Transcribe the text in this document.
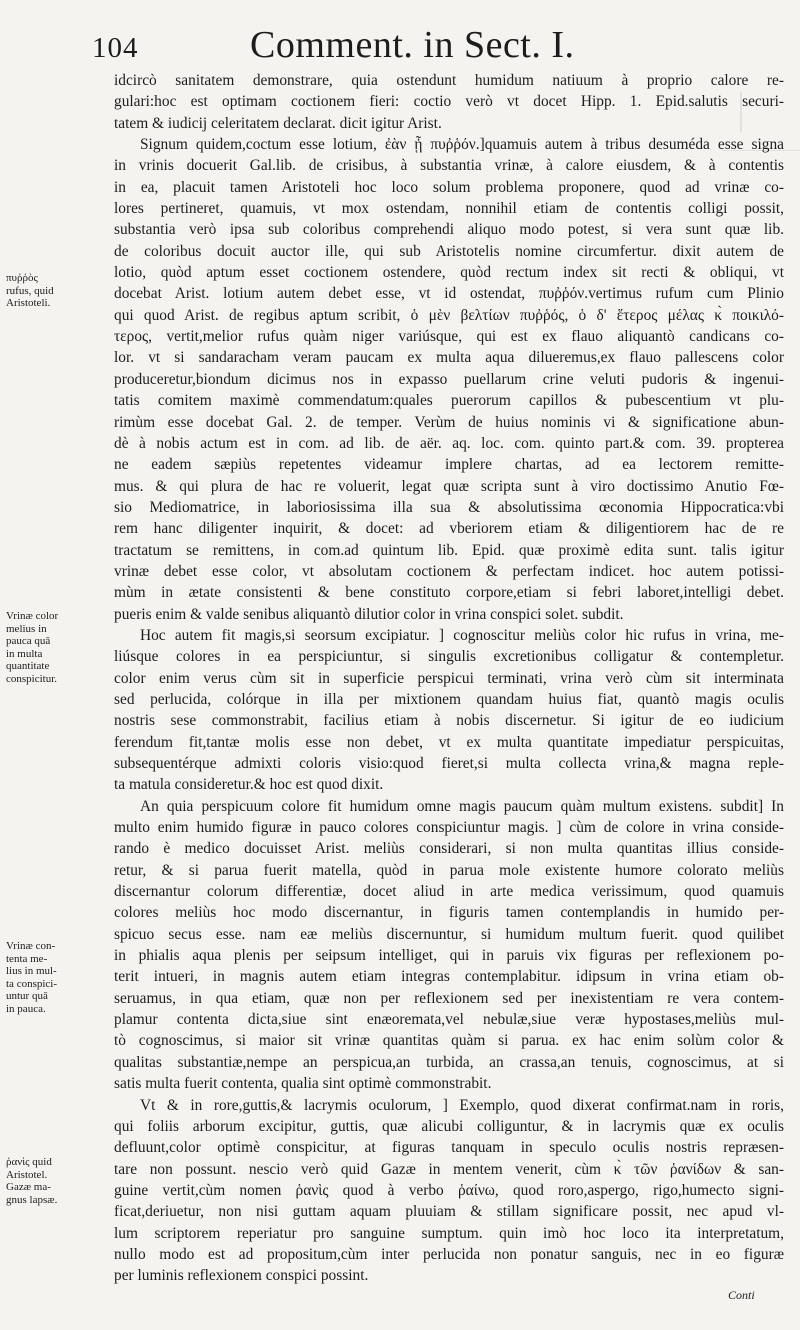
104	Comment. in Sect. I.
idcircò sanitatem demonstrare, quia ostendunt humidum natiuum à proprio calore re-
gulari:hoc est optimam coctionem fieri: coctio verò vt docet Hipp. 1. Epid.salutis securi-
tatem & iudicij celeritatem declarat. dicit igitur Arist.
Signum quidem,coctum esse lotium, ἐὰν ᾖ πυῤῥόν.]quamuis autem à tribus desuméda esse signa
in vrinis docuerit Gal.lib. de crisibus, à substantia vrinæ, à calore eiusdem, & à contentis
in ea, placuit tamen Aristoteli hoc loco solum problema proponere, quod ad vrinæ co-
lores pertineret, quamuis, vt mox ostendam, nonnihil etiam de contentis colligi possit,
substantia verò ipsa sub coloribus comprehendi aliquo modo potest, si vera sunt quæ lib.
de coloribus docuit auctor ille, qui sub Aristotelis nomine circumfertur. dixit autem de
lotio, quòd aptum esset coctionem ostendere, quòd rectum index sit recti & obliqui, vt
docebat Arist. lotium autem debet esse, vt id ostendat, πυῤῥόν.vertimus rufum cum Plinio
qui quod Arist. de regibus aptum scribit, ὁ μὲν βελτίων πυῤῥός, ὁ δ' ἕτερος μέλας κ̀ ποικιλό-
τερος, vertit,melior rufus quàm niger variúsque, qui est ex flauo aliquantò candicans co-
lor. vt si sandaracham veram paucam ex multa aqua dilueremus,ex flauo pallescens color
produceretur,biondum dicimus nos in expasso puellarum crine veluti pudoris & ingenui-
tatis comitem maximè commendatum:quales puerorum capillos & pubescentium vt plu-
rimùm esse docebat Gal. 2. de temper. Verùm de huius nominis vi & significatione abun-
dè à nobis actum est in com. ad lib. de aër. aq. loc. com. quinto part.& com. 39. propterea
ne eadem sæpiùs repetentes videamur implere chartas, ad ea lectorem remitte-
mus. & qui plura de hac re voluerit, legat quæ scripta sunt à viro doctissimo Anutio Fœ-
sio Mediomatrice, in laboriosissima illa sua & absolutissima œconomia Hippocratica:vbi
rem hanc diligenter inquirit, & docet: ad vberiorem etiam & diligentiorem hac de re
tractatum se remittens, in com.ad quintum lib. Epid. quæ proximè edita sunt. talis igitur
vrinæ debet esse color, vt absolutam coctionem & perfectam indicet. hoc autem potissi-
mùm in ætate consistenti & bene constituto corpore,etiam si febri laboret,intelligi debet.
pueris enim & valde senibus aliquantò dilutior color in vrina conspici solet. subdit.
Hoc autem fit magis,si seorsum excipiatur. ] cognoscitur meliùs color hic rufus in vrina, me-
liúsque colores in ea perspiciuntur, si singulis excretionibus colligatur & contempletur.
color enim verus cùm sit in superficie perspicui terminati, vrina verò cùm sit interminata
sed perlucida, colórque in illa per mixtionem quandam huius fiat, quantò magis oculis
nostris sese commonstrabit, facilius etiam à nobis discernetur. Si igitur de eo iudicium
ferendum fit,tantæ molis esse non debet, vt ex multa quantitate impediatur perspicuitas,
subsequentérque admixti coloris visio:quod fieret,si multa collecta vrina,& magna reple-
ta matula consideretur.& hoc est quod dixit.
An quia perspicuum colore fit humidum omne magis paucum quàm multum existens. subdit] In
multo enim humido figuræ in pauco colores conspiciuntur magis. ] cùm de colore in vrina conside-
rando è medico docuisset Arist. meliùs considerari, si non multa quantitas illius conside-
retur, & si parua fuerit matella, quòd in parua mole existente humore colorato meliùs
discernantur colorum differentiæ, docet aliud in arte medica verissimum, quod quamuis
colores meliùs hoc modo discernantur, in figuris tamen contemplandis in humido per-
spicuo secus esse. nam eæ meliùs discernuntur, si humidum multum fuerit. quod quilibet
in phialis aqua plenis per seipsum intelliget, qui in paruis vix figuras per reflexionem po-
terit intueri, in magnis autem etiam integras contemplabitur. idipsum in vrina etiam ob-
seruamus, in qua etiam, quæ non per reflexionem sed per inexistentiam re vera contem-
plamur contenta dicta,siue sint enæoremata,vel nebulæ,siue veræ hypostases,meliùs mul-
tò cognoscimus, si maior sit vrinæ quantitas quàm si parua. ex hac enim solùm color &
qualitas substantiæ,nempe an perspicua,an turbida, an crassa,an tenuis, cognoscimus, at si
satis multa fuerit contenta, qualia sint optimè commonstrabit.
Vt & in rore,guttis,& lacrymis oculorum, ] Exemplo, quod dixerat confirmat.nam in roris,
qui foliis arborum excipitur, guttis, quæ alicubi colliguntur, & in lacrymis quæ ex oculis
defluunt,color optimè conspicitur, at figuras tanquam in speculo oculis nostris repræsen-
tare non possunt. nescio verò quid Gazæ in mentem venerit, cùm κ̀ τῶν ῥανίδων & san-
guine vertit,cùm nomen ῥανὶς quod à verbo ῥαίνω, quod roro,aspergo, rigo,humecto signi-
ficat,deriuetur, non nisi guttam aquam pluuiam & stillam significare possit, nec apud vl-
lum scriptorem reperiatur pro sanguine sumptum. quin imò hoc loco ita interpretatum,
nullo modo est ad propositum,cùm inter perlucida non ponatur sanguis, nec in eo figuræ
per luminis reflexionem conspici possint.
πυῤῥὸς
rufus, quid
Aristoteli.
Vrinæ color
melius in
pauca quā
in multa
quantitate
conspicitur.
Vrinæ con-
tenta me-
lius in mul-
ta conspici-
untur quā
in pauca.
ῥανὶς quid
Aristotel.
Gazæ ma-
gnus lapsæ.
Conti
